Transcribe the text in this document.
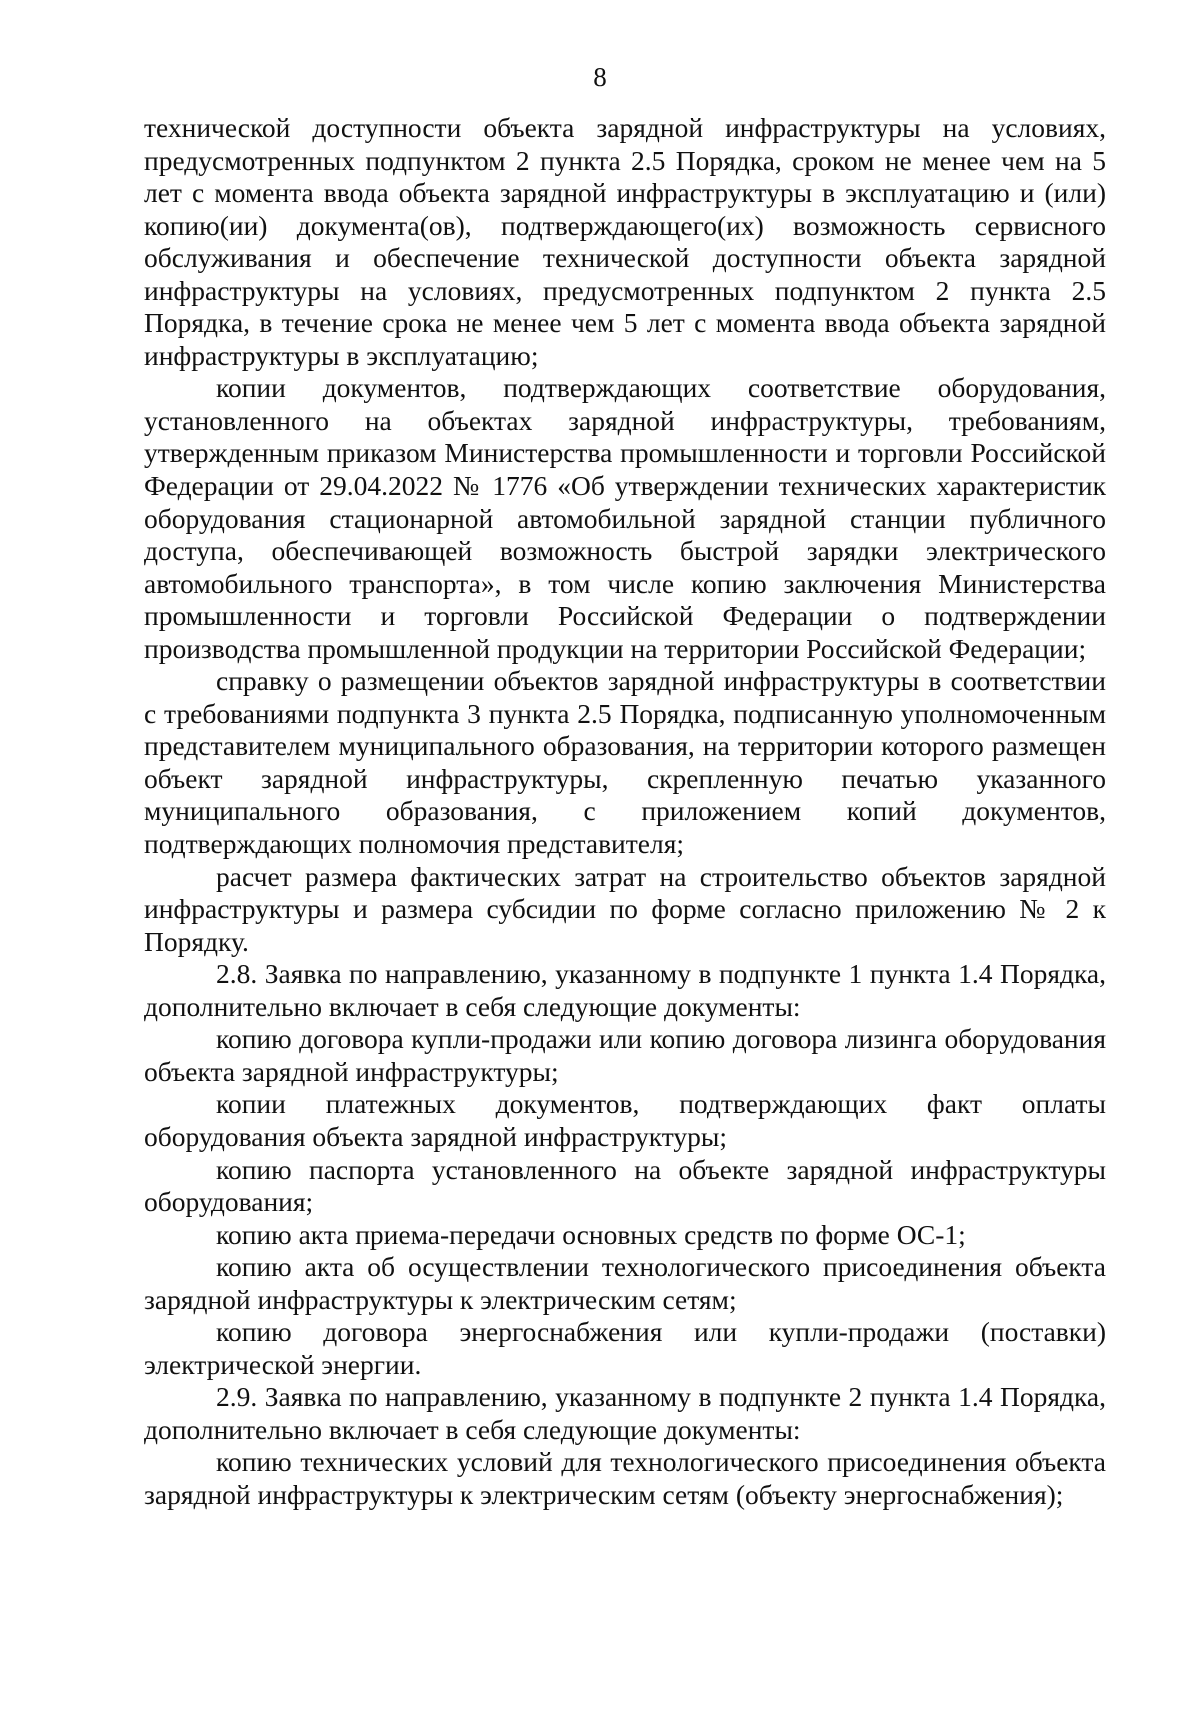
8

технической доступности объекта зарядной инфраструктуры на условиях, предусмотренных подпунктом 2 пункта 2.5 Порядка, сроком не менее чем на 5 лет с момента ввода объекта зарядной инфраструктуры в эксплуатацию и (или) копию(ии) документа(ов), подтверждающего(их) возможность сервисного обслуживания и обеспечение технической доступности объекта зарядной инфраструктуры на условиях, предусмотренных подпунктом 2 пункта 2.5 Порядка, в течение срока не менее чем 5 лет с момента ввода объекта зарядной инфраструктуры в эксплуатацию;

копии документов, подтверждающих соответствие оборудования, установленного на объектах зарядной инфраструктуры, требованиям, утвержденным приказом Министерства промышленности и торговли Российской Федерации от 29.04.2022 № 1776 «Об утверждении технических характеристик оборудования стационарной автомобильной зарядной станции публичного доступа, обеспечивающей возможность быстрой зарядки электрического автомобильного транспорта», в том числе копию заключения Министерства промышленности и торговли Российской Федерации о подтверждении производства промышленной продукции на территории Российской Федерации;

справку о размещении объектов зарядной инфраструктуры в соответствии с требованиями подпункта 3 пункта 2.5 Порядка, подписанную уполномоченным представителем муниципального образования, на территории которого размещен объект зарядной инфраструктуры, скрепленную печатью указанного муниципального образования, с приложением копий документов, подтверждающих полномочия представителя;

расчет размера фактических затрат на строительство объектов зарядной инфраструктуры и размера субсидии по форме согласно приложению № 2 к Порядку.

2.8. Заявка по направлению, указанному в подпункте 1 пункта 1.4 Порядка, дополнительно включает в себя следующие документы:

копию договора купли-продажи или копию договора лизинга оборудования объекта зарядной инфраструктуры;

копии платежных документов, подтверждающих факт оплаты оборудования объекта зарядной инфраструктуры;

копию паспорта установленного на объекте зарядной инфраструктуры оборудования;

копию акта приема-передачи основных средств по форме ОС-1;

копию акта об осуществлении технологического присоединения объекта зарядной инфраструктуры к электрическим сетям;

копию договора энергоснабжения или купли-продажи (поставки) электрической энергии.

2.9. Заявка по направлению, указанному в подпункте 2 пункта 1.4 Порядка, дополнительно включает в себя следующие документы:

копию технических условий для технологического присоединения объекта зарядной инфраструктуры к электрическим сетям (объекту энергоснабжения);
